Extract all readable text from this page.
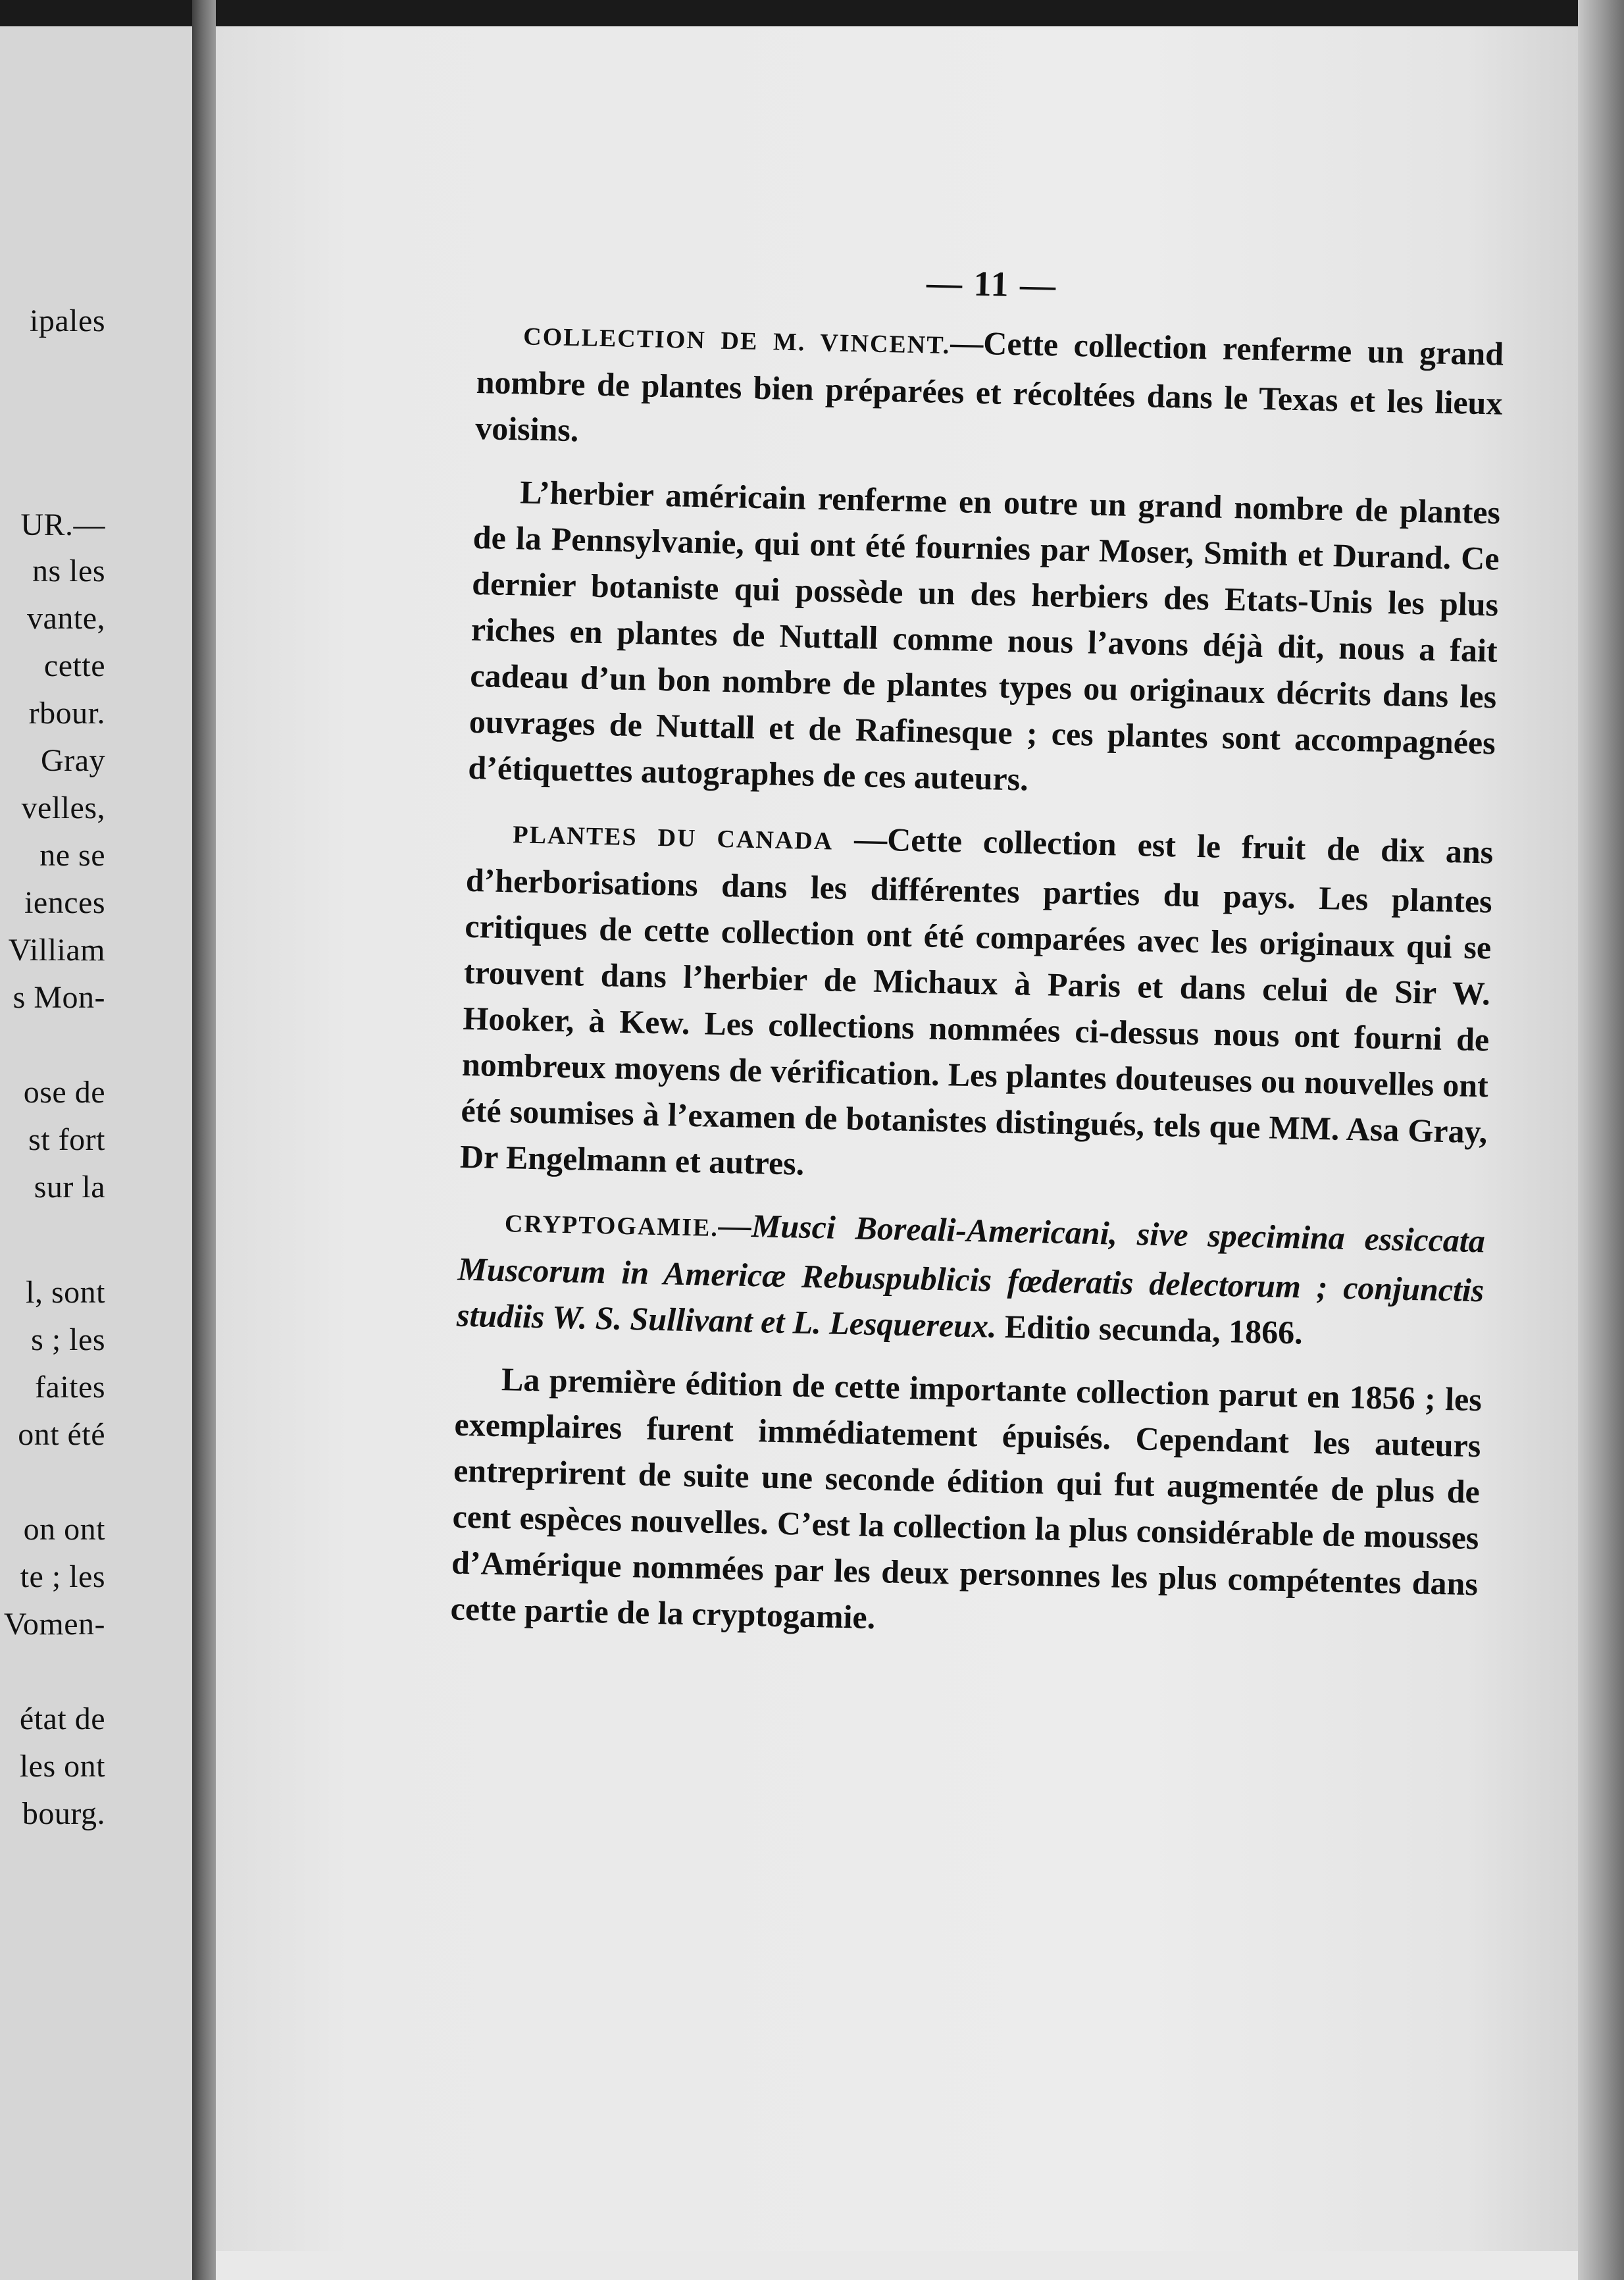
ipales
UR.—
ns les
vante,
cette
rbour.
Gray
velles,
ne se
iences
Villiam
s Mon-
ose de
st fort
sur la
l, sont
s ; les
faites
ont été
on ont
te ; les
Vomen-
état de
les ont
bourg.
— 11 —

COLLECTION DE M. VINCENT.—Cette collection renferme un grand nombre de plantes bien préparées et récoltées dans le Texas et les lieux voisins.

L’herbier américain renferme en outre un grand nombre de plantes de la Pennsylvanie, qui ont été fournies par Moser, Smith et Durand. Ce dernier botaniste qui possède un des herbiers des Etats-Unis les plus riches en plantes de Nuttall comme nous l’avons déjà dit, nous a fait cadeau d’un bon nombre de plantes types ou originaux décrits dans les ouvrages de Nuttall et de Rafinesque ; ces plantes sont accompagnées d’étiquettes autographes de ces auteurs.

PLANTES DU CANADA —Cette collection est le fruit de dix ans d’herborisations dans les différentes parties du pays. Les plantes critiques de cette collection ont été comparées avec les originaux qui se trouvent dans l’herbier de Michaux à Paris et dans celui de Sir W. Hooker, à Kew. Les collections nommées ci-dessus nous ont fourni de nombreux moyens de vérification. Les plantes douteuses ou nouvelles ont été soumises à l’examen de botanistes distingués, tels que MM. Asa Gray, Dr Engelmann et autres.

CRYPTOGAMIE.—Musci Boreali-Americani, sive specimina essiccata Muscorum in Americæ Rebuspublicis fœderatis delectorum ; conjunctis studiis W. S. Sullivant et L. Lesquereux. Editio secunda, 1866.

La première édition de cette importante collection parut en 1856 ; les exemplaires furent immédiatement épuisés. Cependant les auteurs entreprirent de suite une seconde édition qui fut augmentée de plus de cent espèces nouvelles. C’est la collection la plus considérable de mousses d’Amérique nommées par les deux personnes les plus compétentes dans cette partie de la cryptogamie.
